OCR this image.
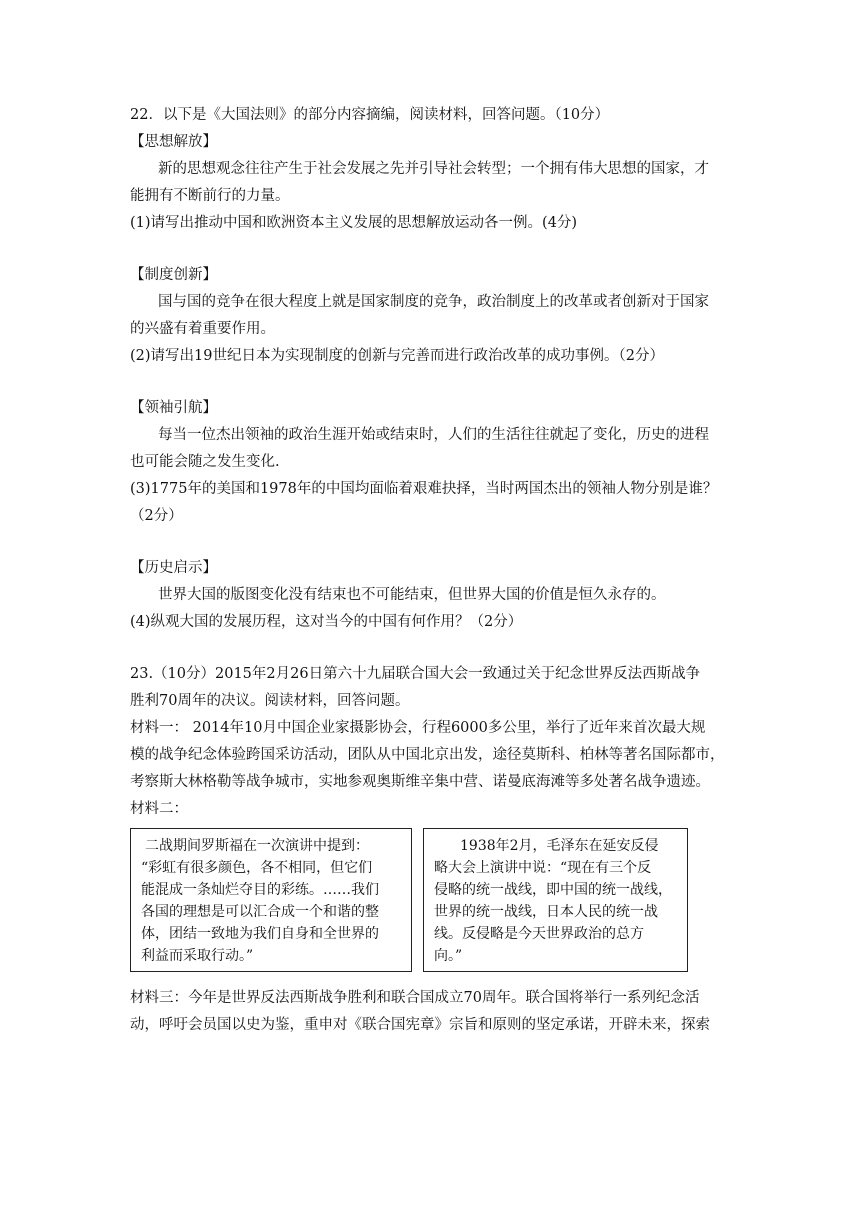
22．以下是《大国法则》的部分内容摘编，阅读材料，回答问题。（10分）
【思想解放】
新的思想观念往往产生于社会发展之先并引导社会转型；一个拥有伟大思想的国家，才
能拥有不断前行的力量。
(1)请写出推动中国和欧洲资本主义发展的思想解放运动各一例。(4分)
【制度创新】
国与国的竞争在很大程度上就是国家制度的竞争，政治制度上的改革或者创新对于国家
的兴盛有着重要作用。
(2)请写出19世纪日本为实现制度的创新与完善而进行政治改革的成功事例。（2分）
【领袖引航】
每当一位杰出领袖的政治生涯开始或结束时，人们的生活往往就起了变化，历史的进程
也可能会随之发生变化.
(3)1775年的美国和1978年的中国均面临着艰难抉择，当时两国杰出的领袖人物分别是谁？
（2分）
【历史启示】
世界大国的版图变化没有结束也不可能结束，但世界大国的价值是恒久永存的。
(4)纵观大国的发展历程，这对当今的中国有何作用？（2分）
23.（10分）2015年2月26日第六十九届联合国大会一致通过关于纪念世界反法西斯战争
胜利70周年的决议。阅读材料，回答问题。
材料一： 2014年10月中国企业家摄影协会，行程6000多公里，举行了近年来首次最大规
模的战争纪念体验跨国采访活动，团队从中国北京出发，途径莫斯科、柏林等著名国际都市，
考察斯大林格勒等战争城市，实地参观奥斯维辛集中营、诺曼底海滩等多处著名战争遗迹。
材料二：

二战期间罗斯福在一次演讲中提到：

“彩虹有很多颜色，各不相同，但它们

能混成一条灿烂夺目的彩练。……我们

各国的理想是可以汇合成一个和谐的整

体，团结一致地为我们自身和全世界的

利益而采取行动。”

1938年2月，毛泽东在延安反侵

略大会上演讲中说：“现在有三个反

侵略的统一战线，即中国的统一战线，

世界的统一战线，日本人民的统一战

线。反侵略是今天世界政治的总方

向。”

材料三：今年是世界反法西斯战争胜利和联合国成立70周年。联合国将举行一系列纪念活
动，呼吁会员国以史为鉴，重申对《联合国宪章》宗旨和原则的坚定承诺，开辟未来，探索
